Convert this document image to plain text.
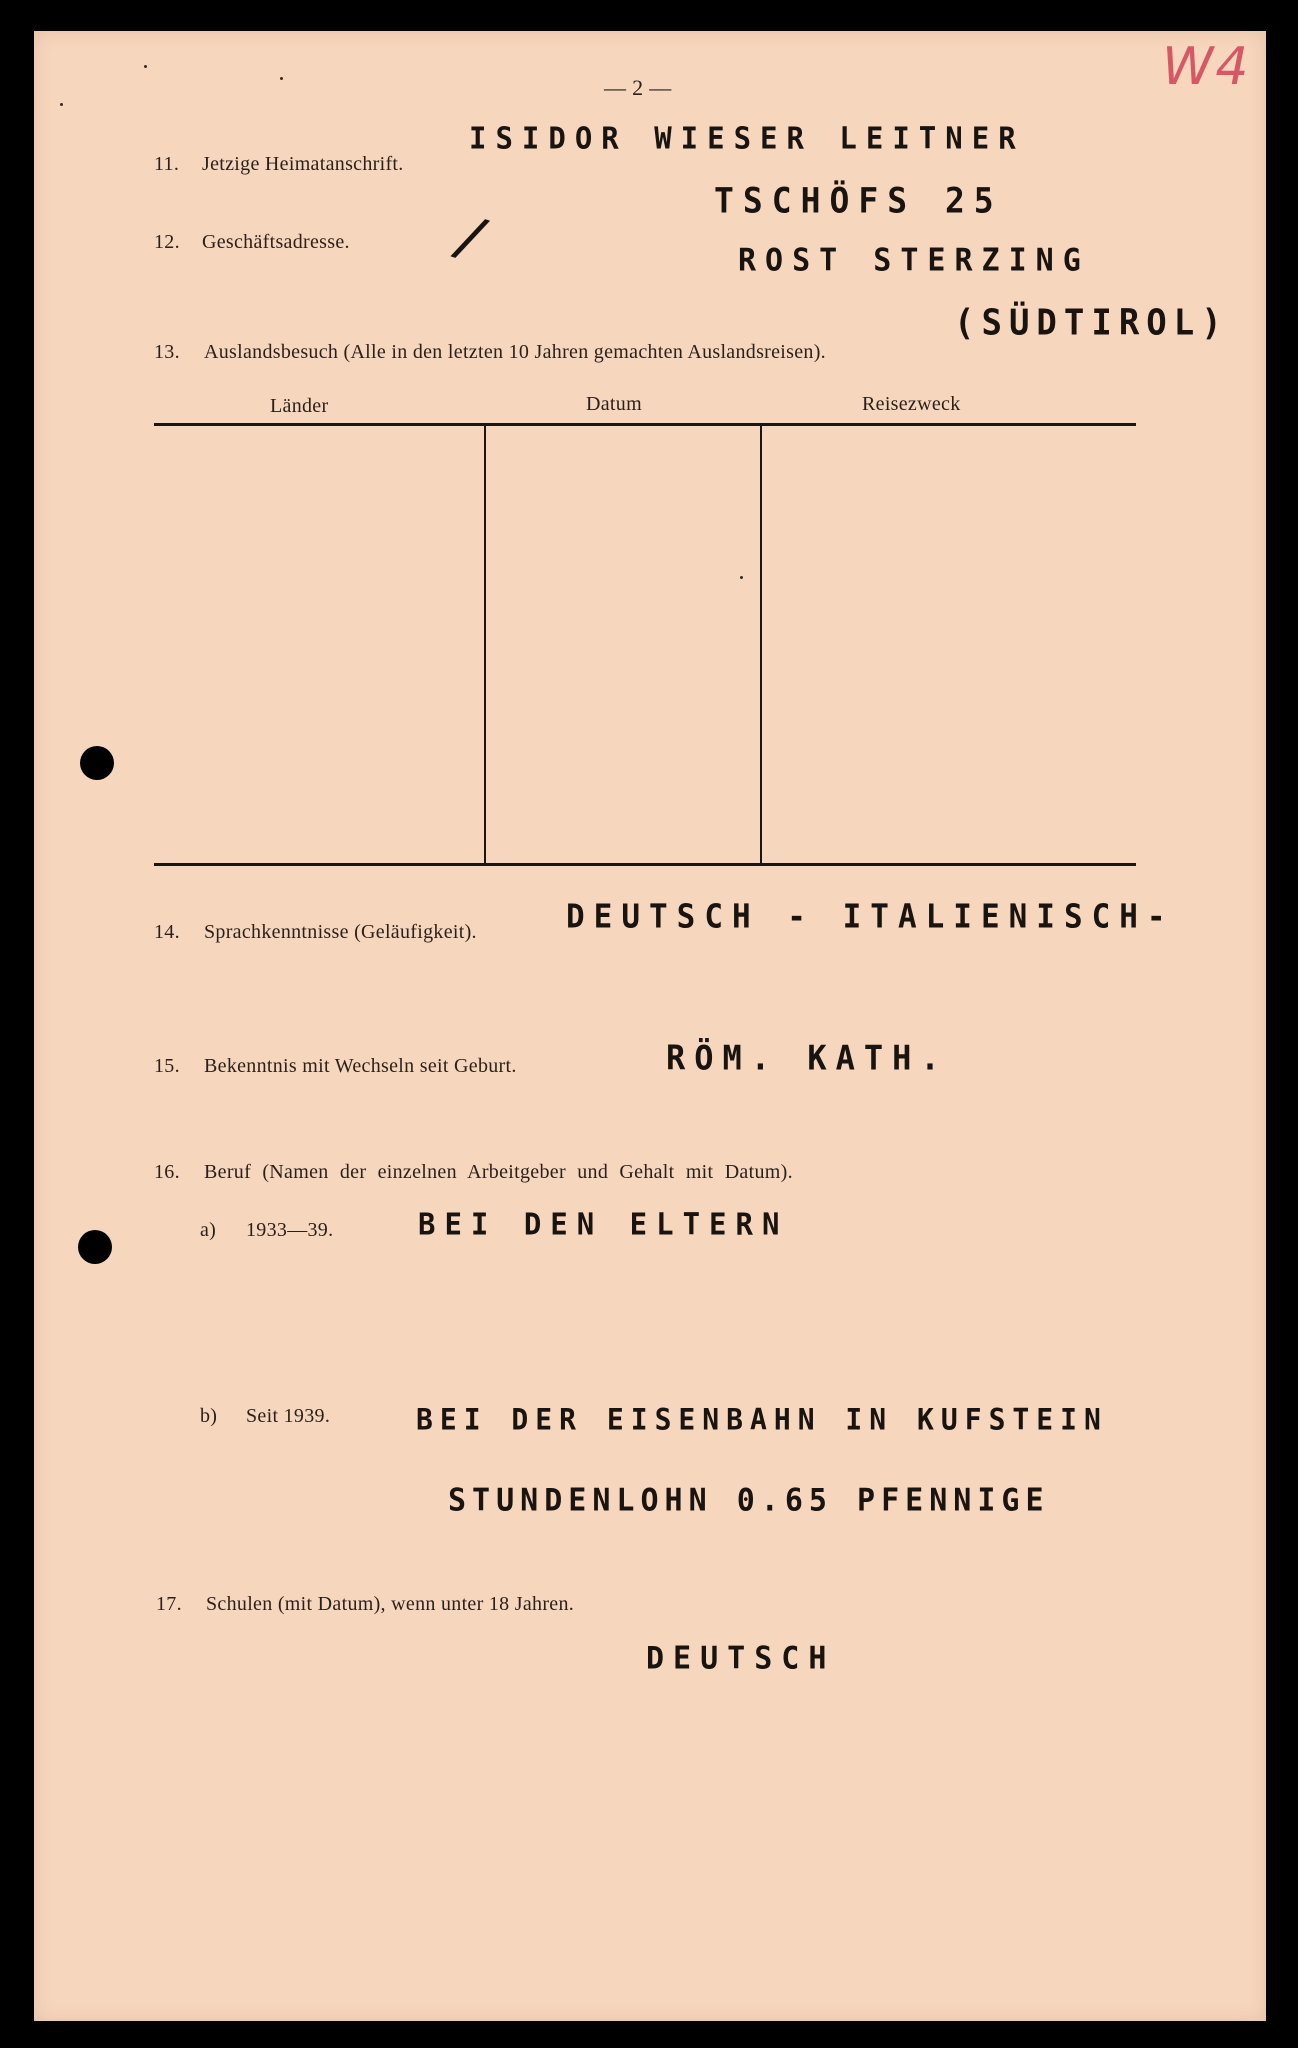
— 2 —	W4
11. Jetzige Heimatanschrift.
ISIDOR WIESER LEITNER
TSCHÖFS 25
12. Geschäftsadresse. /	ROST STERZING
13. Auslandsbesuch (Alle in den letzten 10 Jahren gemachten Auslandsreisen).
(SÜDTIROL)
Länder	Datum	Reisezweck
14. Sprachkenntnisse (Geläufigkeit).	DEUTSCH - ITALIENISCH-
15. Bekenntnis mit Wechseln seit Geburt.	RÖM. KATH.
16. Beruf (Namen der einzelnen Arbeitgeber und Gehalt mit Datum).
a) 1933—39.	BEI DEN ELTERN
b) Seit 1939.	BEI DER EISENBAHN IN KUFSTEIN
STUNDENLOHN 0.65 PFENNIGE
17. Schulen (mit Datum), wenn unter 18 Jahren.
DEUTSCH
